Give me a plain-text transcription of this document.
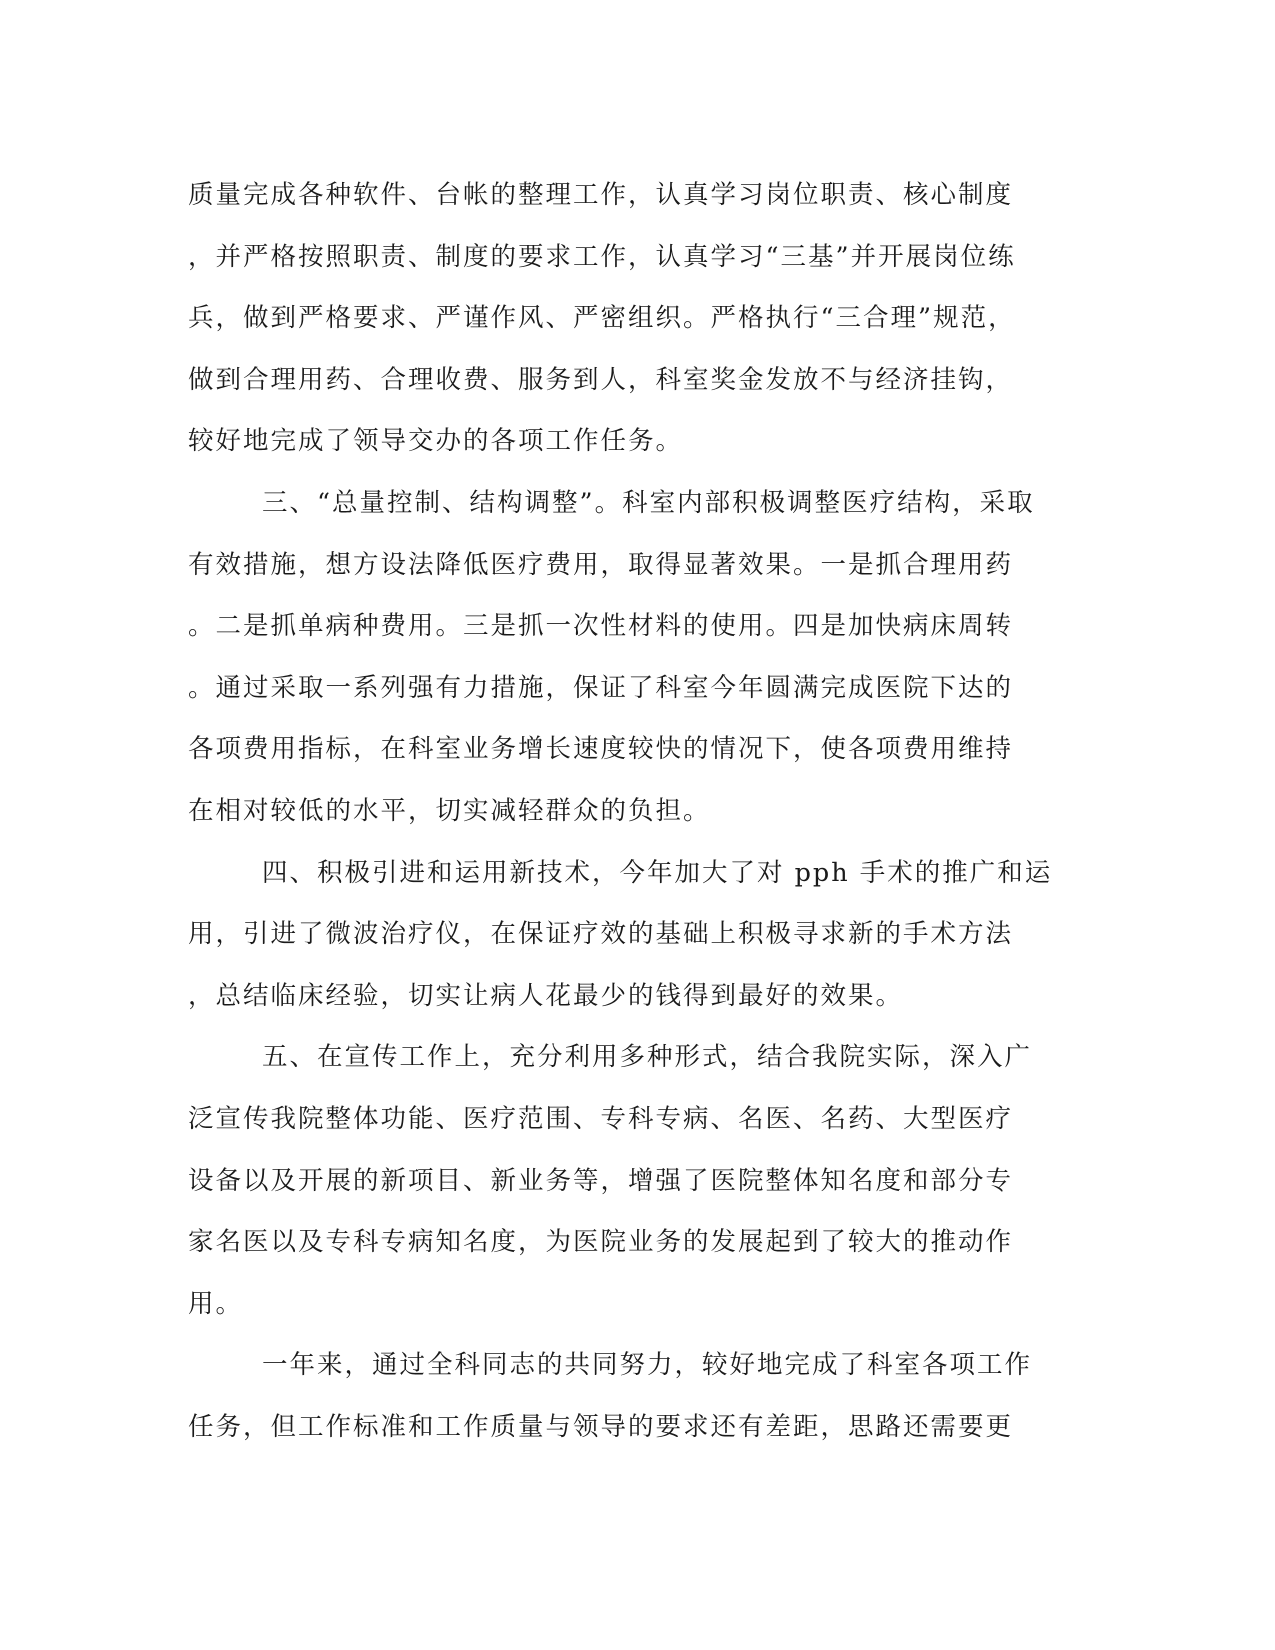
质量完成各种软件、台帐的整理工作，认真学习岗位职责、核心制度
，并严格按照职责、制度的要求工作，认真学习“三基”并开展岗位练
兵，做到严格要求、严谨作风、严密组织。严格执行“三合理”规范，
做到合理用药、合理收费、服务到人，科室奖金发放不与经济挂钩，
较好地完成了领导交办的各项工作任务。
三、“总量控制、结构调整”。科室内部积极调整医疗结构，采取
有效措施，想方设法降低医疗费用，取得显著效果。一是抓合理用药
。二是抓单病种费用。三是抓一次性材料的使用。四是加快病床周转
。通过采取一系列强有力措施，保证了科室今年圆满完成医院下达的
各项费用指标，在科室业务增长速度较快的情况下，使各项费用维持
在相对较低的水平，切实减轻群众的负担。
四、积极引进和运用新技术，今年加大了对 pph 手术的推广和运
用，引进了微波治疗仪，在保证疗效的基础上积极寻求新的手术方法
，总结临床经验，切实让病人花最少的钱得到最好的效果。
五、在宣传工作上，充分利用多种形式，结合我院实际，深入广
泛宣传我院整体功能、医疗范围、专科专病、名医、名药、大型医疗
设备以及开展的新项目、新业务等，增强了医院整体知名度和部分专
家名医以及专科专病知名度，为医院业务的发展起到了较大的推动作
用。
一年来，通过全科同志的共同努力，较好地完成了科室各项工作
任务，但工作标准和工作质量与领导的要求还有差距，思路还需要更
